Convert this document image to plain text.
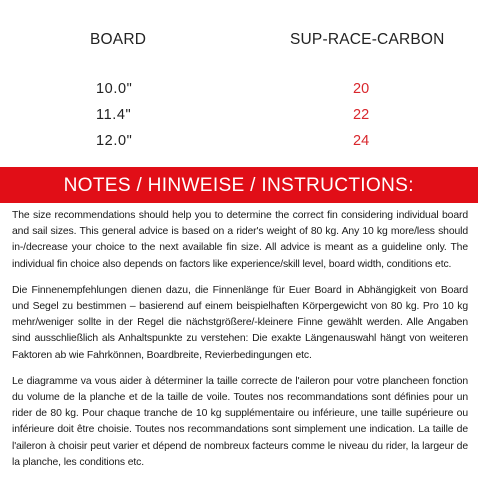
BOARD	SUP-RACE-CARBON
10.0"	20
11.4"	22
12.0"	24
NOTES / HINWEISE / INSTRUCTIONS:

The size recommendations should help you to determine the correct fin considering individual board and sail sizes. This general advice is based on a rider's weight of 80 kg. Any 10 kg more/less should in-/decrease your choice to the next available fin size. All advice is meant as a guideline only. The individual fin choice also depends on factors like experience/skill level, board width, conditions etc.

Die Finnenempfehlungen dienen dazu, die Finnenlänge für Euer Board in Abhängigkeit von Board und Segel zu bestimmen – basierend auf einem beispielhaften Körpergewicht von 80 kg. Pro 10 kg mehr/weniger sollte in der Regel die nächstgrößere/-kleinere Finne gewählt werden. Alle Angaben sind ausschließlich als Anhaltspunkte zu verstehen: Die exakte Längenauswahl hängt von weiteren Faktoren ab wie Fahrkönnen, Boardbreite, Revierbedingungen etc.

Le diagramme va vous aider à déterminer la taille correcte de l'aileron pour votre plancheen fonction du volume de la planche et de la taille de voile. Toutes nos recommandations sont définies pour un rider de 80 kg. Pour chaque tranche de 10 kg supplémentaire ou inférieure, une taille supérieure ou inférieure doit être choisie. Toutes nos recommandations sont simplement une indication. La taille de l'aileron à choisir peut varier et dépend de nombreux facteurs comme le niveau du rider, la largeur de la planche, les conditions etc.
